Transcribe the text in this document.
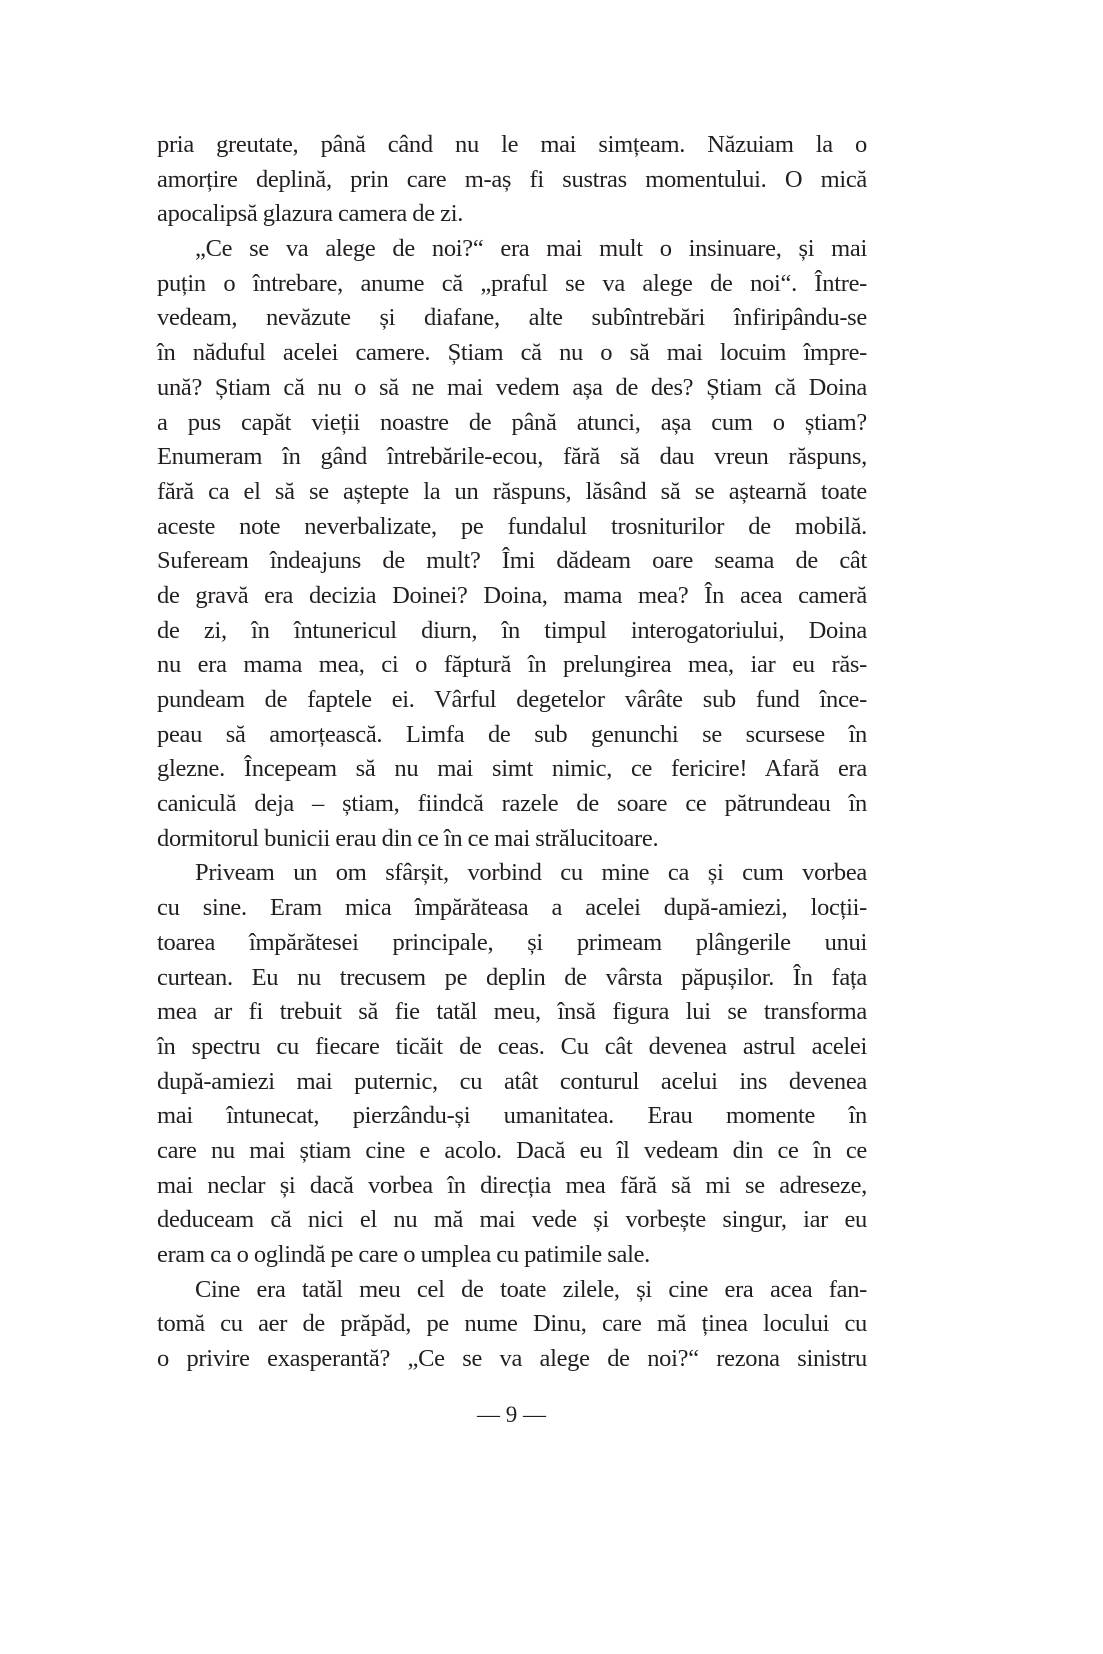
pria greutate, până când nu le mai simțeam. Năzuiam la o
amorțire deplină, prin care m-aș fi sustras momentului. O mică
apocalipsă glazura camera de zi.
„Ce se va alege de noi?“ era mai mult o insinuare, și mai
puțin o întrebare, anume că „praful se va alege de noi“. Între-
vedeam, nevăzute și diafane, alte subîntrebări înfiripându-se
în năduful acelei camere. Știam că nu o să mai locuim împre-
ună? Știam că nu o să ne mai vedem așa de des? Știam că Doina
a pus capăt vieții noastre de până atunci, așa cum o știam?
Enumeram în gând întrebările-ecou, fără să dau vreun răspuns,
fără ca el să se aștepte la un răspuns, lăsând să se aștearnă toate
aceste note neverbalizate, pe fundalul trosniturilor de mobilă.
Sufeream îndeajuns de mult? Îmi dădeam oare seama de cât
de gravă era decizia Doinei? Doina, mama mea? În acea cameră
de zi, în întunericul diurn, în timpul interogatoriului, Doina
nu era mama mea, ci o făptură în prelungirea mea, iar eu răs-
pundeam de faptele ei. Vârful degetelor vârâte sub fund înce-
peau să amorțească. Limfa de sub genunchi se scursese în
glezne. Începeam să nu mai simt nimic, ce fericire! Afară era
caniculă deja – știam, fiindcă razele de soare ce pătrundeau în
dormitorul bunicii erau din ce în ce mai strălucitoare.
Priveam un om sfârșit, vorbind cu mine ca și cum vorbea
cu sine. Eram mica împărăteasa a acelei după-amiezi, locții-
toarea împărătesei principale, și primeam plângerile unui
curtean. Eu nu trecusem pe deplin de vârsta păpușilor. În fața
mea ar fi trebuit să fie tatăl meu, însă figura lui se transforma
în spectru cu fiecare ticăit de ceas. Cu cât devenea astrul acelei
după-amiezi mai puternic, cu atât conturul acelui ins devenea
mai întunecat, pierzându-și umanitatea. Erau momente în
care nu mai știam cine e acolo. Dacă eu îl vedeam din ce în ce
mai neclar și dacă vorbea în direcția mea fără să mi se adreseze,
deduceam că nici el nu mă mai vede și vorbește singur, iar eu
eram ca o oglindă pe care o umplea cu patimile sale.
Cine era tatăl meu cel de toate zilele, și cine era acea fan-
tomă cu aer de prăpăd, pe nume Dinu, care mă ținea locului cu
o privire exasperantă? „Ce se va alege de noi?“ rezona sinistru
— 9 —
